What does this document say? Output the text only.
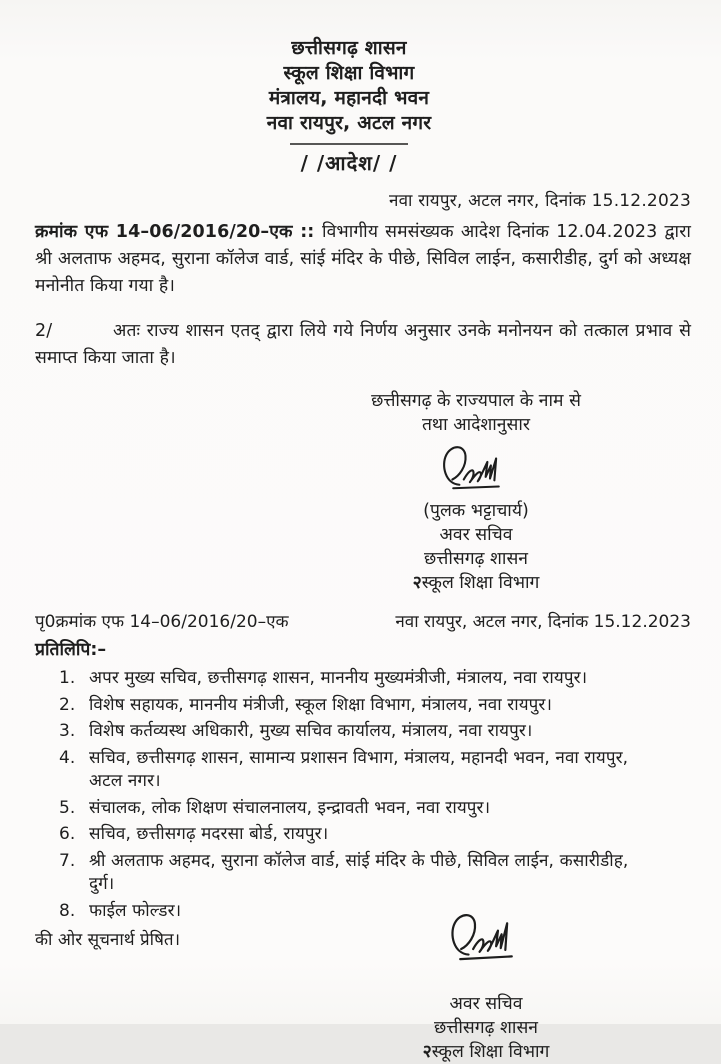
छत्तीसगढ़ शासन
स्कूल शिक्षा विभाग
मंत्रालय, महानदी भवन
नवा रायपुर, अटल नगर
/ /आदेश/ /
नवा रायपुर, अटल नगर, दिनांक 15.12.2023

क्रमांक एफ 14–06/2016/20–एक :: विभागीय समसंख्यक आदेश दिनांक 12.04.2023 द्वारा श्री अलताफ अहमद, सुराना कॉलेज वार्ड, सांई मंदिर के पीछे, सिविल लाईन, कसारीडीह, दुर्ग को अध्यक्ष मनोनीत किया गया है।

2/	अतः राज्य शासन एतद् द्वारा लिये गये निर्णय अनुसार उनके मनोनयन को तत्काल प्रभाव से समाप्त किया जाता है।

छत्तीसगढ़ के राज्यपाल के नाम से
तथा आदेशानुसार
(पुलक भट्टाचार्य)
अवर सचिव
छत्तीसगढ़ शासन
२स्कूल शिक्षा विभाग
पृ0क्रमांक एफ 14–06/2016/20–एक	नवा रायपुर, अटल नगर, दिनांक 15.12.2023
प्रतिलिपि:–
1. अपर मुख्य सचिव, छत्तीसगढ़ शासन, माननीय मुख्यमंत्रीजी, मंत्रालय, नवा रायपुर।
2. विशेष सहायक, माननीय मंत्रीजी, स्कूल शिक्षा विभाग, मंत्रालय, नवा रायपुर।
3. विशेष कर्तव्यस्थ अधिकारी, मुख्य सचिव कार्यालय, मंत्रालय, नवा रायपुर।
4. सचिव, छत्तीसगढ़ शासन, सामान्य प्रशासन विभाग, मंत्रालय, महानदी भवन, नवा रायपुर, अटल नगर।
5. संचालक, लोक शिक्षण संचालनालय, इन्द्रावती भवन, नवा रायपुर।
6. सचिव, छत्तीसगढ़ मदरसा बोर्ड, रायपुर।
7. श्री अलताफ अहमद, सुराना कॉलेज वार्ड, सांई मंदिर के पीछे, सिविल लाईन, कसारीडीह, दुर्ग।
8. फाईल फोल्डर।
की ओर सूचनार्थ प्रेषित।
अवर सचिव
छत्तीसगढ़ शासन
२स्कूल शिक्षा विभाग
